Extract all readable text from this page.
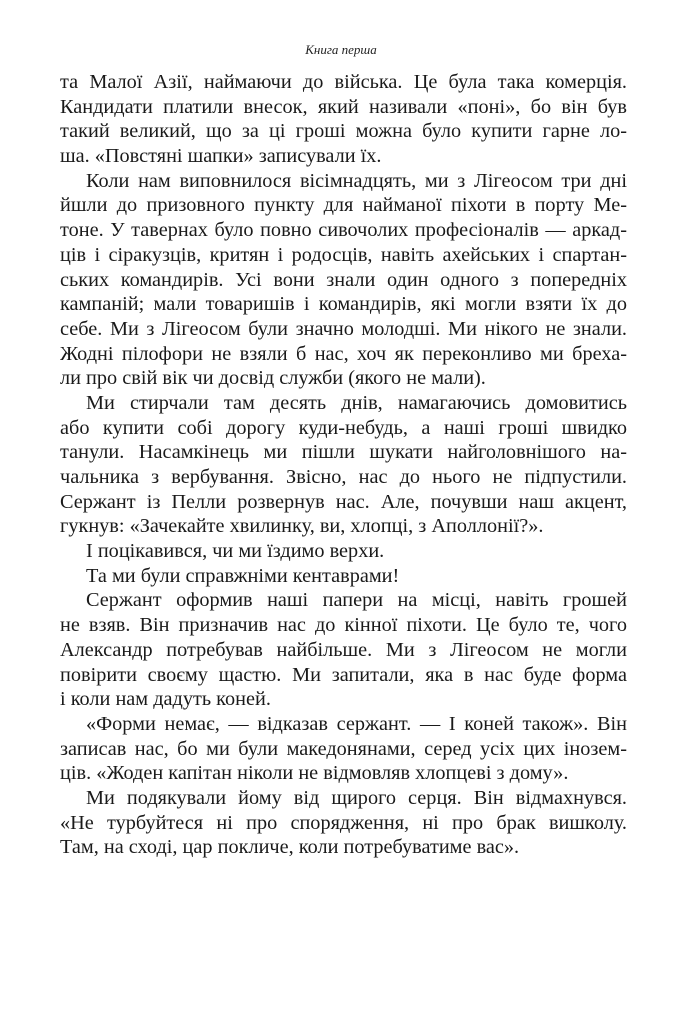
Книга перша
та Малої Азії, наймаючи до війська. Це була така комерція.
Кандидати платили внесок, який називали «поні», бо він був
такий великий, що за ці гроші можна було купити гарне ло-
ша. «Повстяні шапки» записували їх.
Коли нам виповнилося вісімнадцять, ми з Лігеосом три дні
йшли до призовного пункту для найманої піхоти в порту Ме-
тоне. У тавернах було повно сивочолих професіоналів — аркад-
ців і сіракузців, критян і родосців, навіть ахейських і спартан-
ських командирів. Усі вони знали один одного з попередніх
кампаній; мали товаришів і командирів, які могли взяти їх до
себе. Ми з Лігеосом були значно молодші. Ми нікого не знали.
Жодні пілофори не взяли б нас, хоч як переконливо ми бреха-
ли про свій вік чи досвід служби (якого не мали).
Ми стирчали там десять днів, намагаючись домовитись
або купити собі дорогу куди-небудь, а наші гроші швидко
танули. Насамкінець ми пішли шукати найголовнішого на-
чальника з вербування. Звісно, нас до нього не підпустили.
Сержант із Пелли розвернув нас. Але, почувши наш акцент,
гукнув: «Зачекайте хвилинку, ви, хлопці, з Аполлонії?».
І поцікавився, чи ми їздимо верхи.
Та ми були справжніми кентаврами!
Сержант оформив наші папери на місці, навіть грошей
не взяв. Він призначив нас до кінної піхоти. Це було те, чого
Александр потребував найбільше. Ми з Лігеосом не могли
повірити своєму щастю. Ми запитали, яка в нас буде форма
і коли нам дадуть коней.
«Форми немає, — відказав сержант. — І коней також». Він
записав нас, бо ми були македонянами, серед усіх цих інозем-
ців. «Жоден капітан ніколи не відмовляв хлопцеві з дому».
Ми подякували йому від щирого серця. Він відмахнувся.
«Не турбуйтеся ні про спорядження, ні про брак вишколу.
Там, на сході, цар покличе, коли потребуватиме вас».
